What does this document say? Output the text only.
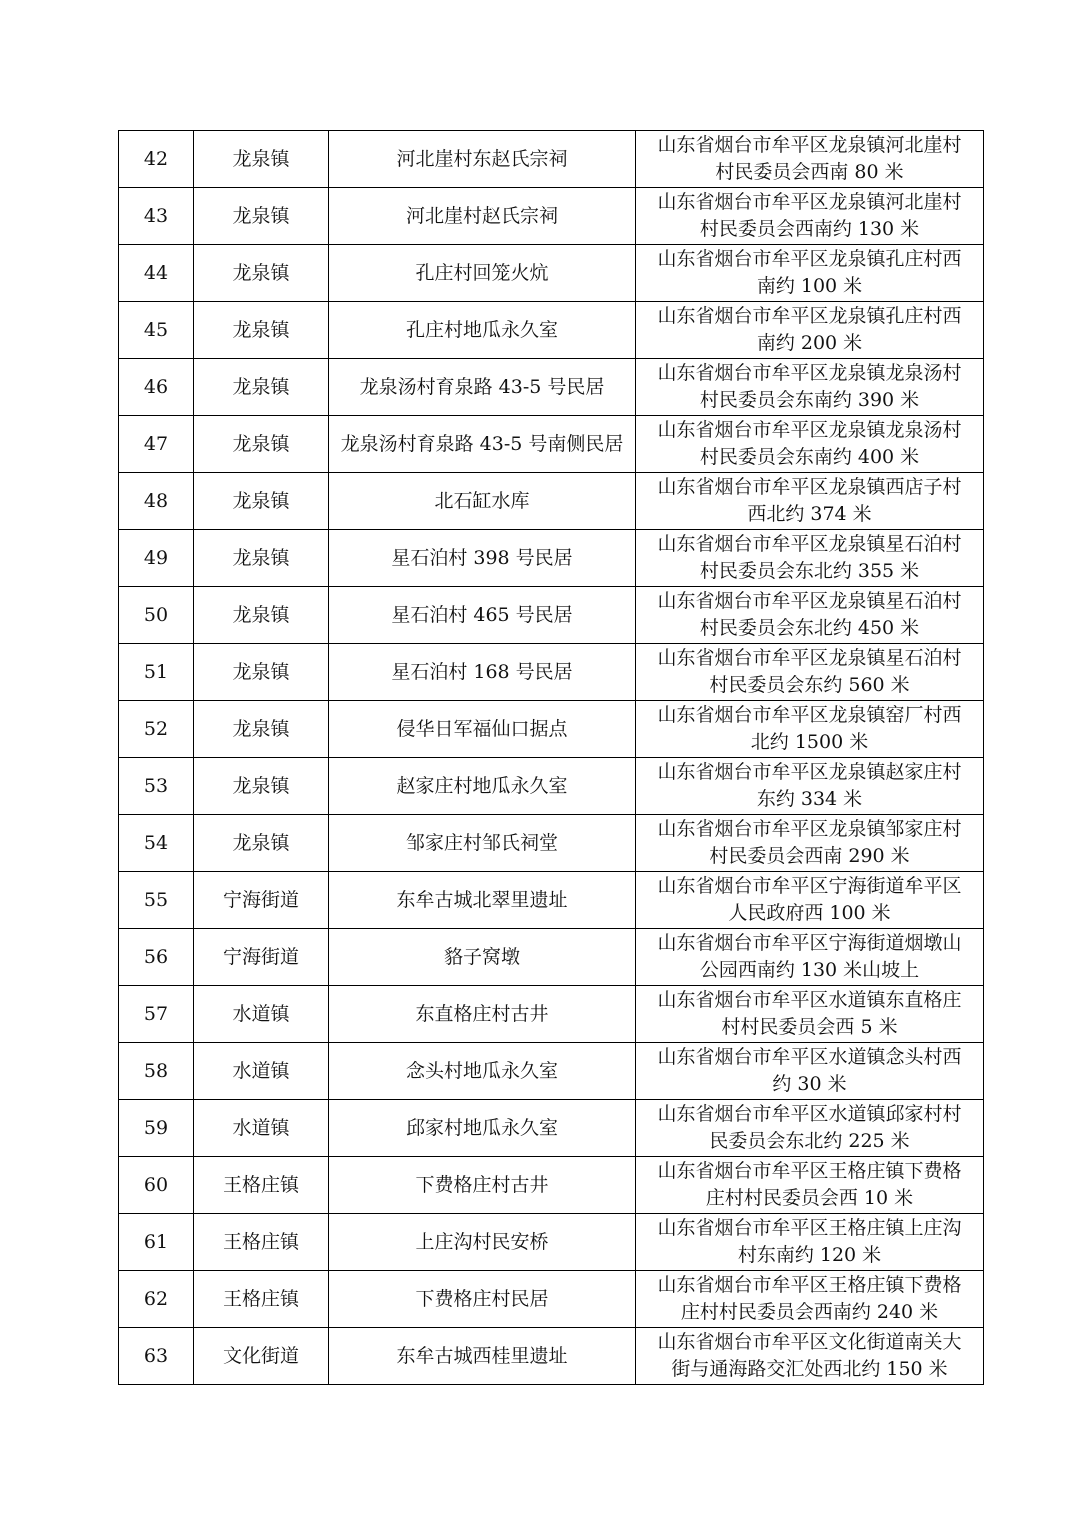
42	龙泉镇	河北崖村东赵氏宗祠	山东省烟台市牟平区龙泉镇河北崖村
村民委员会西南 80 米

43	龙泉镇	河北崖村赵氏宗祠	山东省烟台市牟平区龙泉镇河北崖村
村民委员会西南约 130 米

44	龙泉镇	孔庄村回笼火炕	山东省烟台市牟平区龙泉镇孔庄村西
南约 100 米

45	龙泉镇	孔庄村地瓜永久室	山东省烟台市牟平区龙泉镇孔庄村西
南约 200 米

46	龙泉镇	龙泉汤村育泉路 43-5 号民居	山东省烟台市牟平区龙泉镇龙泉汤村
村民委员会东南约 390 米

47	龙泉镇	龙泉汤村育泉路 43-5 号南侧民居	山东省烟台市牟平区龙泉镇龙泉汤村
村民委员会东南约 400 米

48	龙泉镇	北石缸水库	山东省烟台市牟平区龙泉镇西店子村
西北约 374 米

49	龙泉镇	星石泊村 398 号民居	山东省烟台市牟平区龙泉镇星石泊村
村民委员会东北约 355 米

50	龙泉镇	星石泊村 465 号民居	山东省烟台市牟平区龙泉镇星石泊村
村民委员会东北约 450 米

51	龙泉镇	星石泊村 168 号民居	山东省烟台市牟平区龙泉镇星石泊村
村民委员会东约 560 米

52	龙泉镇	侵华日军福仙口据点	山东省烟台市牟平区龙泉镇窑厂村西
北约 1500 米

53	龙泉镇	赵家庄村地瓜永久室	山东省烟台市牟平区龙泉镇赵家庄村
东约 334 米

54	龙泉镇	邹家庄村邹氏祠堂	山东省烟台市牟平区龙泉镇邹家庄村
村民委员会西南 290 米

55	宁海街道	东牟古城北翠里遗址	山东省烟台市牟平区宁海街道牟平区
人民政府西 100 米

56	宁海街道	貉子窝墩	山东省烟台市牟平区宁海街道烟墩山
公园西南约 130 米山坡上

57	水道镇	东直格庄村古井	山东省烟台市牟平区水道镇东直格庄
村村民委员会西 5 米

58	水道镇	念头村地瓜永久室	山东省烟台市牟平区水道镇念头村西
约 30 米

59	水道镇	邱家村地瓜永久室	山东省烟台市牟平区水道镇邱家村村
民委员会东北约 225 米

60	王格庄镇	下费格庄村古井	山东省烟台市牟平区王格庄镇下费格
庄村村民委员会西 10 米

61	王格庄镇	上庄沟村民安桥	山东省烟台市牟平区王格庄镇上庄沟
村东南约 120 米

62	王格庄镇	下费格庄村民居	山东省烟台市牟平区王格庄镇下费格
庄村村民委员会西南约 240 米

63	文化街道	东牟古城西桂里遗址	山东省烟台市牟平区文化街道南关大
街与通海路交汇处西北约 150 米
